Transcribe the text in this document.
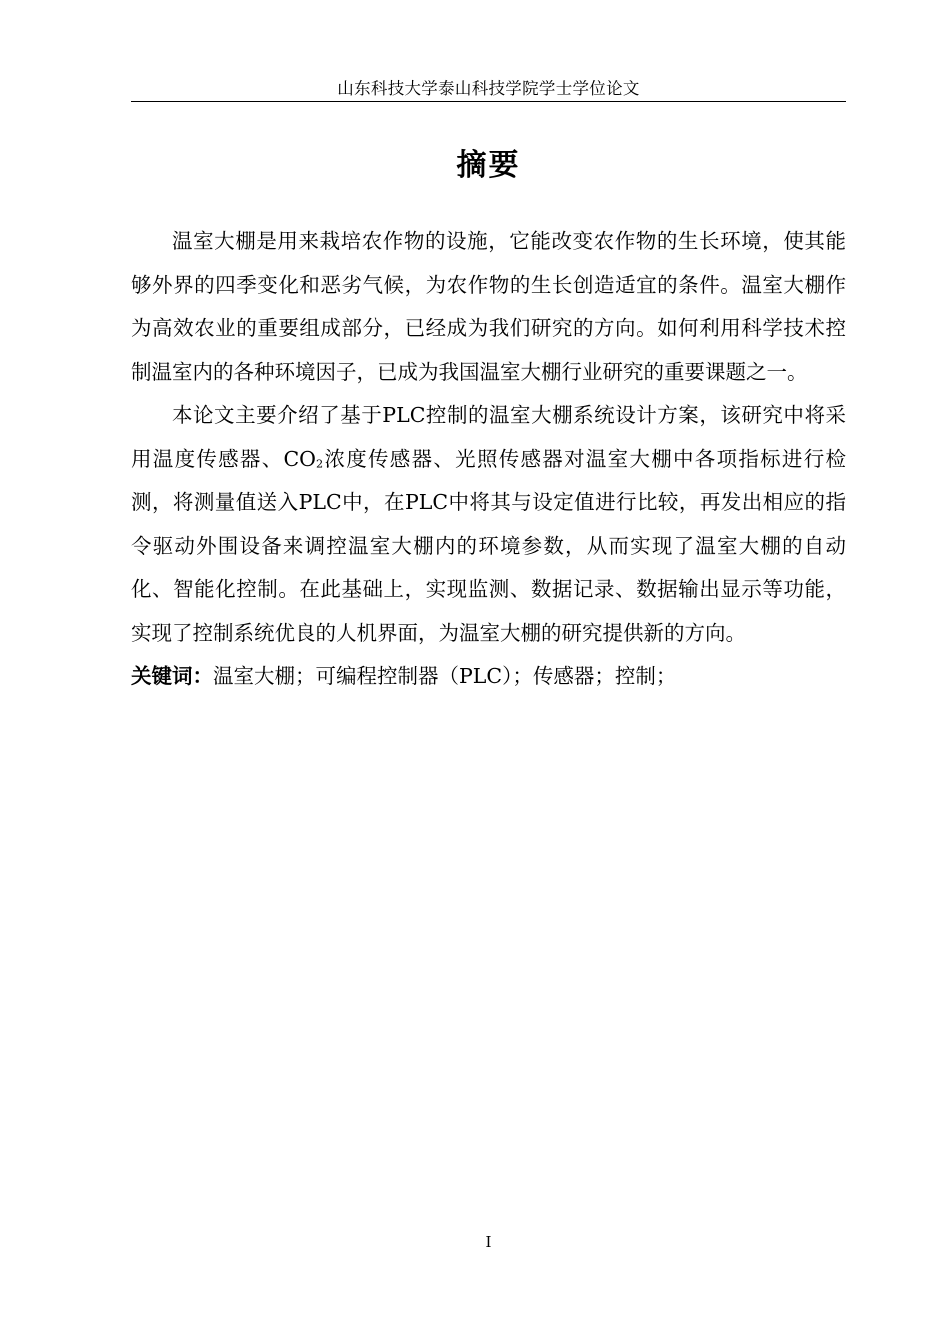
山东科技大学泰山科技学院学士学位论文
摘要

温室大棚是用来栽培农作物的设施，它能改变农作物的生长环境，使其能够外界的四季变化和恶劣气候，为农作物的生长创造适宜的条件。温室大棚作为高效农业的重要组成部分，已经成为我们研究的方向。如何利用科学技术控制温室内的各种环境因子，已成为我国温室大棚行业研究的重要课题之一。

本论文主要介绍了基于PLC控制的温室大棚系统设计方案，该研究中将采用温度传感器、$CO_2$浓度传感器、光照传感器对温室大棚中各项指标进行检测，将测量值送入PLC中，在PLC中将其与设定值进行比较，再发出相应的指令驱动外围设备来调控温室大棚内的环境参数，从而实现了温室大棚的自动化、智能化控制。在此基础上，实现监测、数据记录、数据输出显示等功能，实现了控制系统优良的人机界面，为温室大棚的研究提供新的方向。

关键词：温室大棚；可编程控制器（PLC）；传感器；控制；

I
